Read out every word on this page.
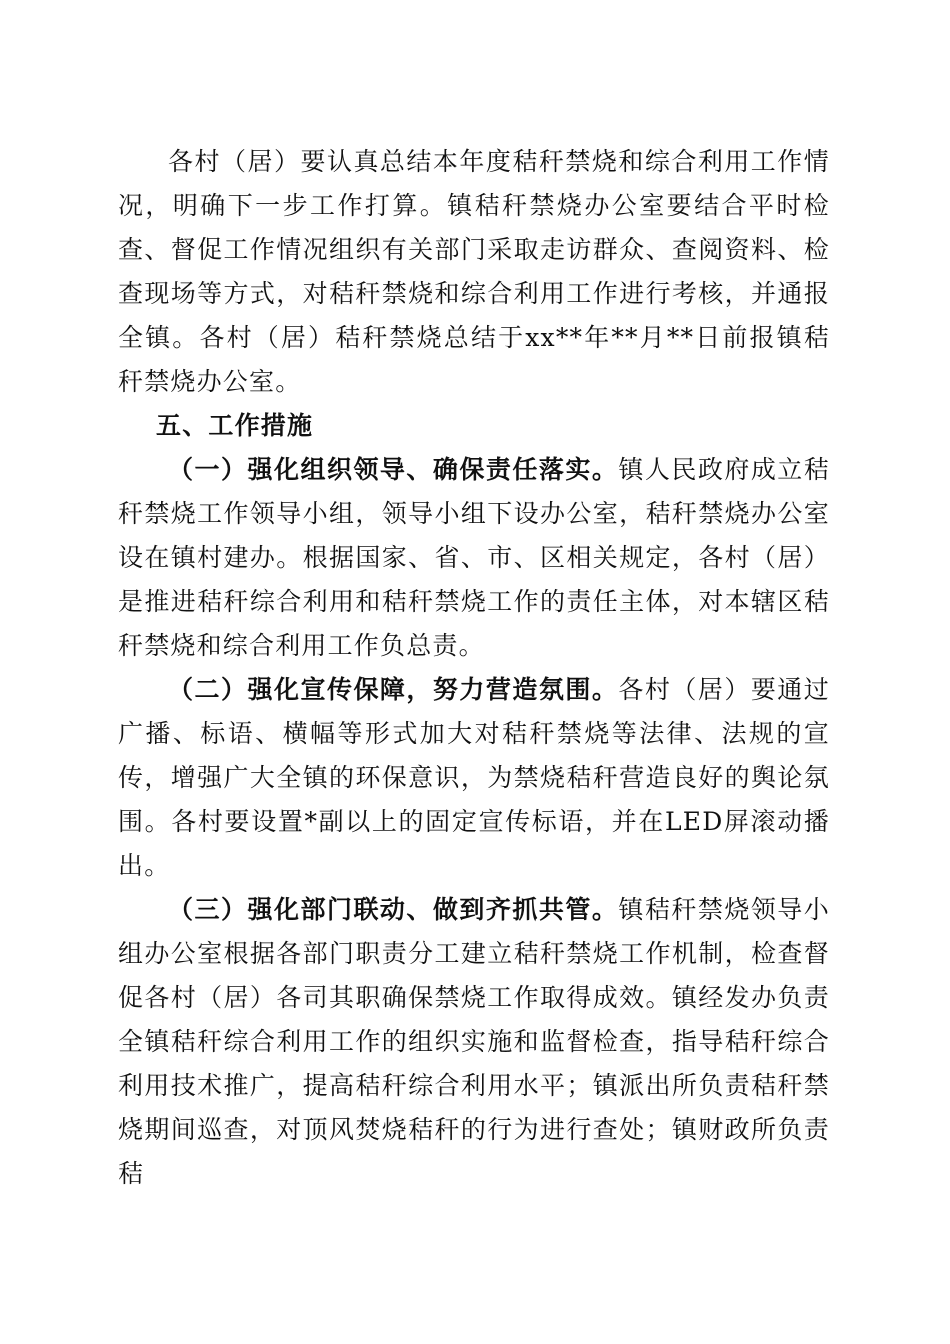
各村（居）要认真总结本年度秸秆禁烧和综合利用工作情况，明确下一步工作打算。镇秸秆禁烧办公室要结合平时检查、督促工作情况组织有关部门采取走访群众、查阅资料、检查现场等方式，对秸秆禁烧和综合利用工作进行考核，并通报全镇。各村（居）秸秆禁烧总结于xx**年**月**日前报镇秸秆禁烧办公室。

五、工作措施

（一）强化组织领导、确保责任落实。镇人民政府成立秸秆禁烧工作领导小组，领导小组下设办公室，秸秆禁烧办公室设在镇村建办。根据国家、省、市、区相关规定，各村（居）是推进秸秆综合利用和秸秆禁烧工作的责任主体，对本辖区秸秆禁烧和综合利用工作负总责。

（二）强化宣传保障，努力营造氛围。各村（居）要通过广播、标语、横幅等形式加大对秸秆禁烧等法律、法规的宣传，增强广大全镇的环保意识，为禁烧秸秆营造良好的舆论氛围。各村要设置*副以上的固定宣传标语，并在LED屏滚动播出。

（三）强化部门联动、做到齐抓共管。镇秸秆禁烧领导小组办公室根据各部门职责分工建立秸秆禁烧工作机制，检查督促各村（居）各司其职确保禁烧工作取得成效。镇经发办负责全镇秸秆综合利用工作的组织实施和监督检查，指导秸秆综合利用技术推广，提高秸秆综合利用水平；镇派出所负责秸秆禁烧期间巡查，对顶风焚烧秸秆的行为进行查处；镇财政所负责秸
